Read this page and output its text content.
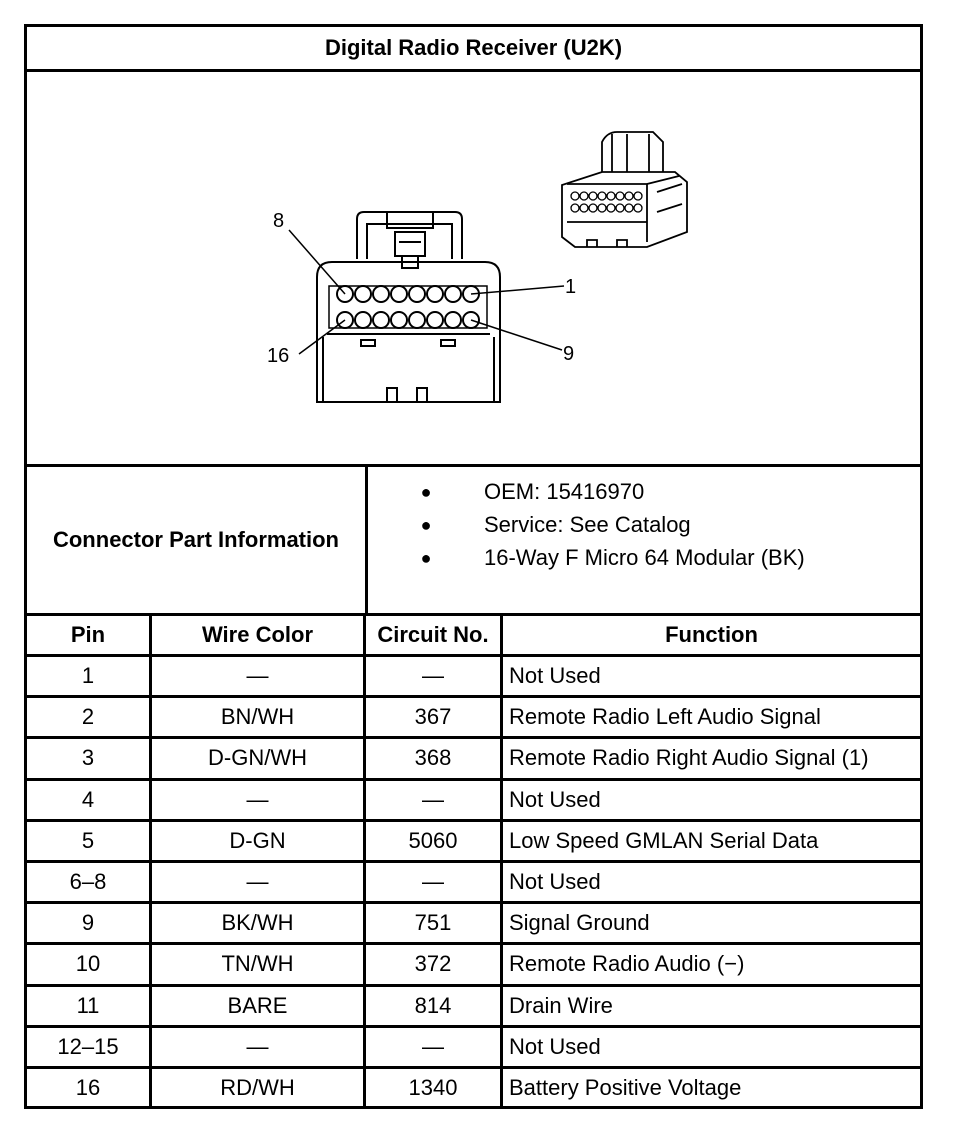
Digital Radio Receiver (U2K)
8
1
16	9
Connector Part Information
●	OEM: 15416970
●	Service: See Catalog
●	16-Way F Micro 64 Modular (BK)
Pin	Wire Color	Circuit No.	Function
1	—	—	Not Used
2	BN/WH	367	Remote Radio Left Audio Signal
3	D-GN/WH	368	Remote Radio Right Audio Signal (1)
4	—	—	Not Used
5	D-GN	5060	Low Speed GMLAN Serial Data
6–8	—	—	Not Used
9	BK/WH	751	Signal Ground
10	TN/WH	372	Remote Radio Audio (−)
11	BARE	814	Drain Wire
12–15	—	—	Not Used
16	RD/WH	1340	Battery Positive Voltage
